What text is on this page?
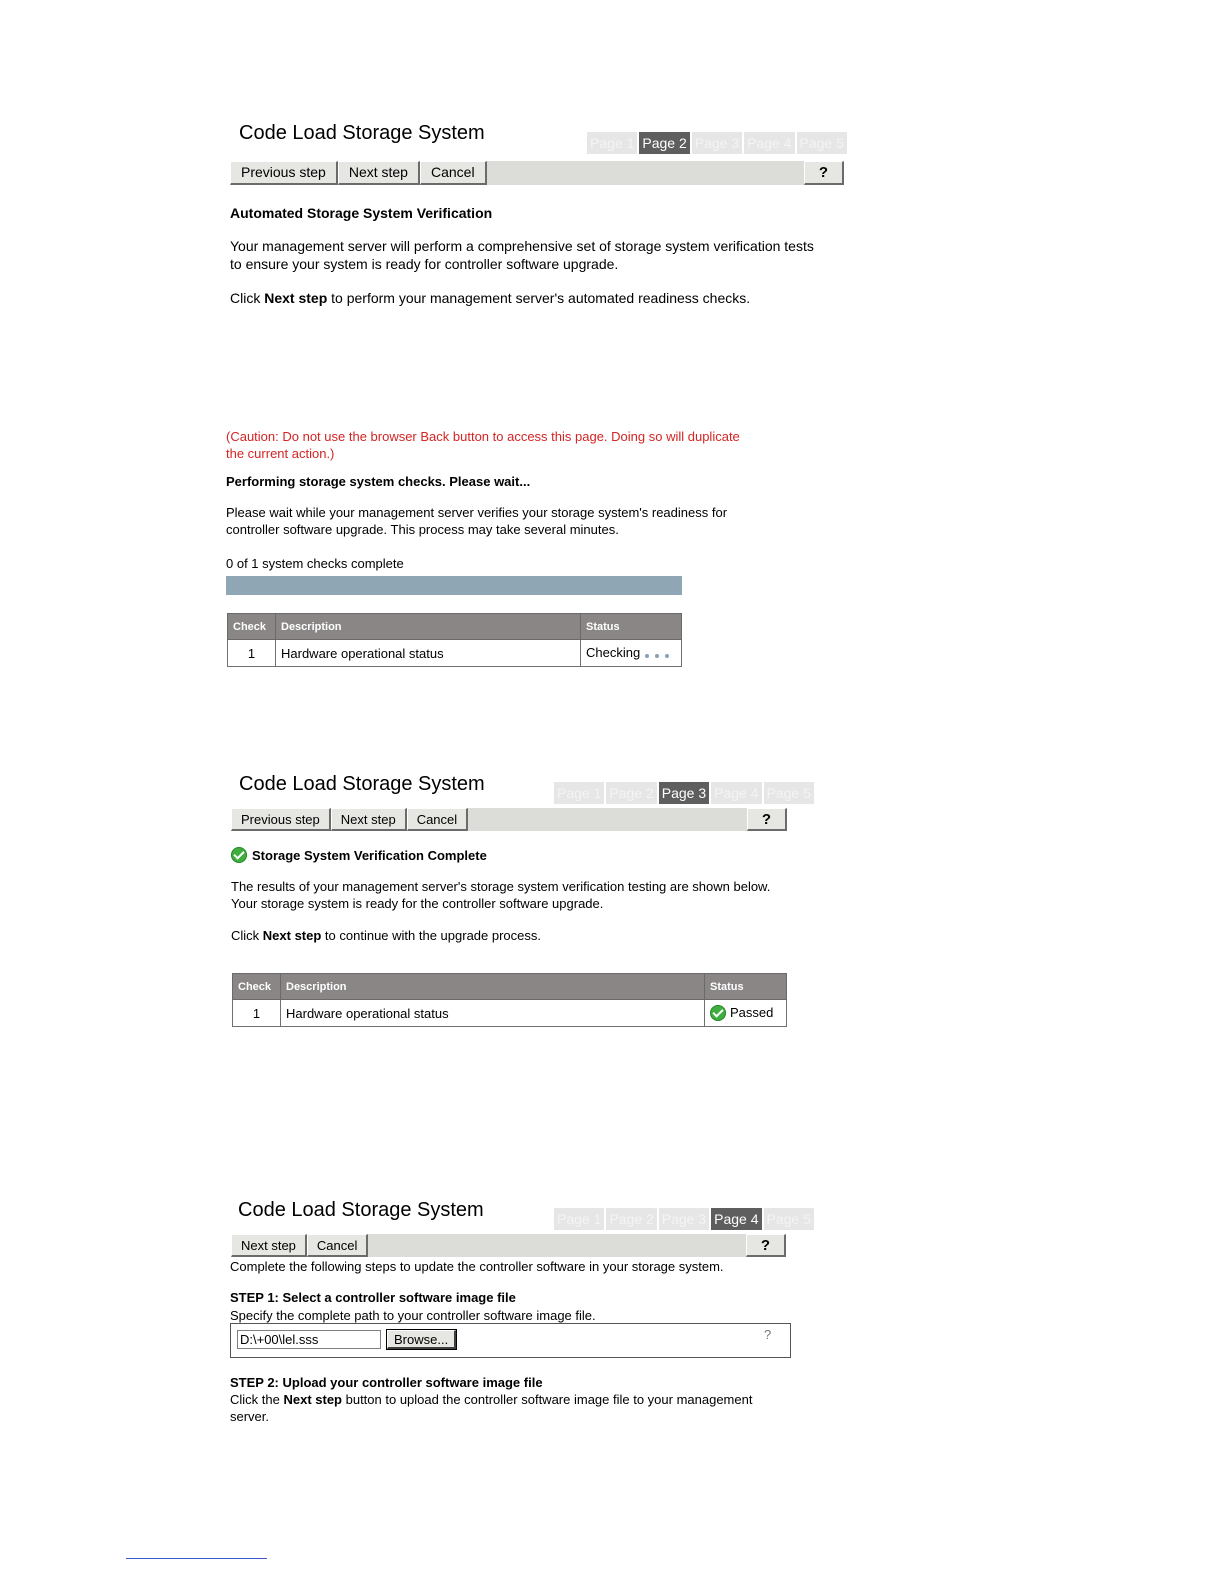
Code Load Storage System	Page 1 Page 2 Page 3 Page 4 Page 5
Previous step	Next step	Cancel	?
Automated Storage System Verification
Your management server will perform a comprehensive set of storage system verification tests
to ensure your system is ready for controller software upgrade.
Click Next step to perform your management server's automated readiness checks.
(Caution: Do not use the browser Back button to access this page. Doing so will duplicate
the current action.)
Performing storage system checks. Please wait...
Please wait while your management server verifies your storage system's readiness for
controller software upgrade. This process may take several minutes.
0 of 1 system checks complete
Check	Description	Status
1	Hardware operational status	Checking
Code Load Storage System	Page 1 Page 2 Page 3 Page 4 Page 5
Previous step	Next step	Cancel	?
Storage System Verification Complete
The results of your management server's storage system verification testing are shown below.
Your storage system is ready for the controller software upgrade.
Click Next step to continue with the upgrade process.
Check	Description	Status
1	Hardware operational status	Passed
Code Load Storage System	Page 1 Page 2 Page 3 Page 4 Page 5
Next step	Cancel	?
Complete the following steps to update the controller software in your storage system.
STEP 1: Select a controller software image file
Specify the complete path to your controller software image file.
D:\+00\lel.sss
Browse...	?
STEP 2: Upload your controller software image file
Click the Next step button to upload the controller software image file to your management
server.
